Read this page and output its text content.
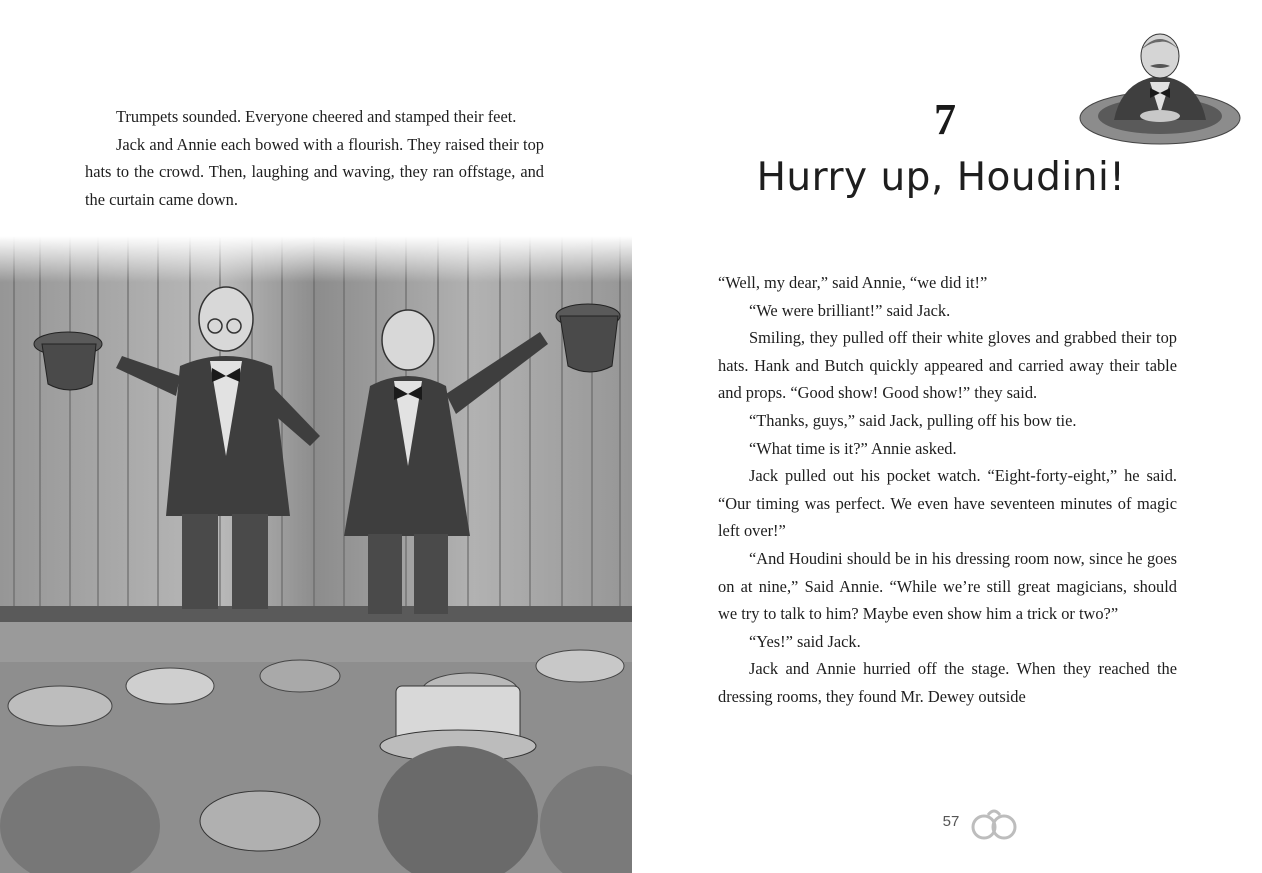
Trumpets sounded. Everyone cheered and stamped their feet.

Jack and Annie each bowed with a flourish. They raised their top hats to the crowd. Then, laughing and waving, they ran offstage, and the curtain came down.

7
Hurry up, Houdini!

“Well, my dear,” said Annie, “we did it!”

“We were brilliant!” said Jack.

Smiling, they pulled off their white gloves and grabbed their top hats. Hank and Butch quickly appeared and carried away their table and props. “Good show! Good show!” they said.

“Thanks, guys,” said Jack, pulling off his bow tie.

“What time is it?” Annie asked.

Jack pulled out his pocket watch. “Eight-forty-eight,” he said. “Our timing was perfect. We even have seventeen minutes of magic left over!”

“And Houdini should be in his dressing room now, since he goes on at nine,” Said Annie. “While we’re still great magicians, should we try to talk to him? Maybe even show him a trick or two?”

“Yes!” said Jack.

Jack and Annie hurried off the stage. When they reached the dressing rooms, they found Mr. Dewey outside

57
